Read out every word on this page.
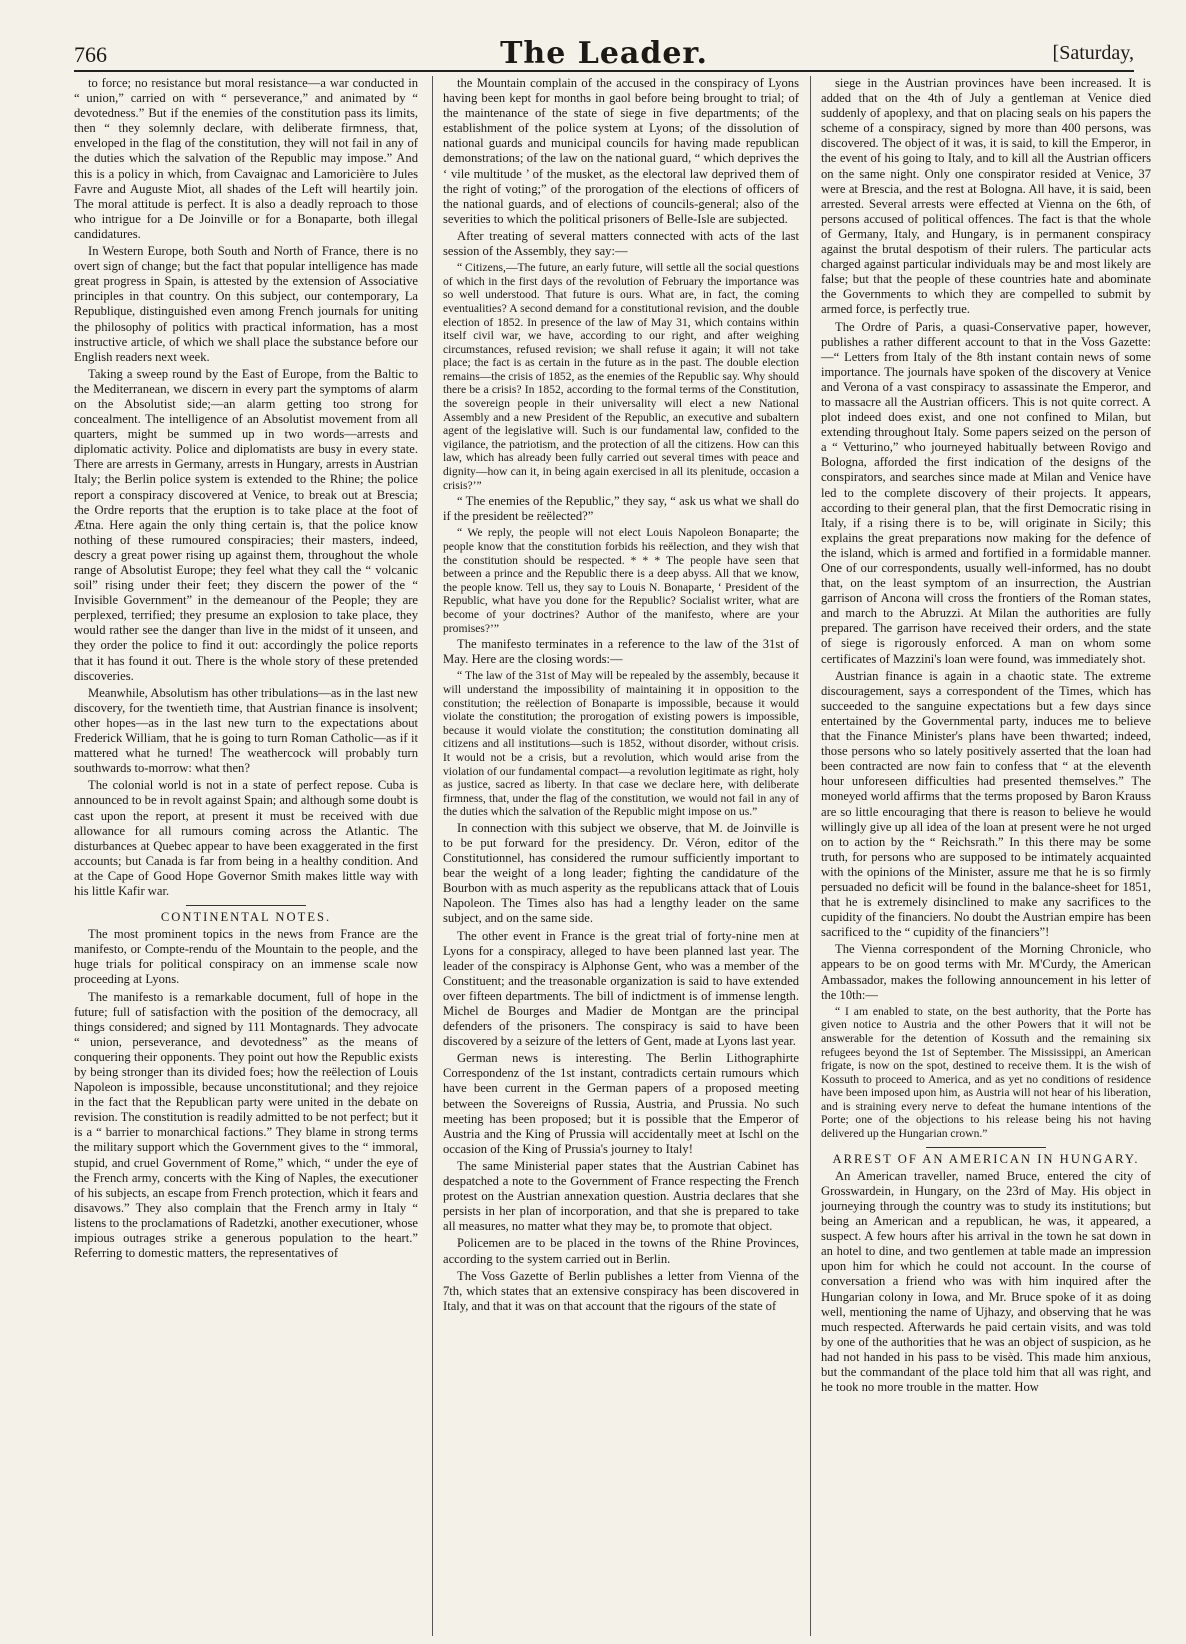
766	The Leader.	[Saturday,

to force; no resistance but moral resistance—a war conducted in “ union,” carried on with “ perseverance,” and animated by “ devotedness.” But if the enemies of the constitution pass its limits, then “ they solemnly declare, with deliberate firmness, that, enveloped in the flag of the constitution, they will not fail in any of the duties which the salvation of the Republic may impose.” And this is a policy in which, from Cavaignac and Lamoricière to Jules Favre and Auguste Miot, all shades of the Left will heartily join. The moral attitude is perfect. It is also a deadly reproach to those who intrigue for a De Joinville or for a Bonaparte, both illegal candidatures.

In Western Europe, both South and North of France, there is no overt sign of change; but the fact that popular intelligence has made great progress in Spain, is attested by the extension of Associative principles in that country. On this subject, our contemporary, La Republique, distinguished even among French journals for uniting the philosophy of politics with practical information, has a most instructive article, of which we shall place the substance before our English readers next week.

Taking a sweep round by the East of Europe, from the Baltic to the Mediterranean, we discern in every part the symptoms of alarm on the Absolutist side;—an alarm getting too strong for concealment. The intelligence of an Absolutist movement from all quarters, might be summed up in two words—arrests and diplomatic activity. Police and diplomatists are busy in every state. There are arrests in Germany, arrests in Hungary, arrests in Austrian Italy; the Berlin police system is extended to the Rhine; the police report a conspiracy discovered at Venice, to break out at Brescia; the Ordre reports that the eruption is to take place at the foot of Ætna. Here again the only thing certain is, that the police know nothing of these rumoured conspiracies; their masters, indeed, descry a great power rising up against them, throughout the whole range of Absolutist Europe; they feel what they call the “ volcanic soil” rising under their feet; they discern the power of the “ Invisible Government” in the demeanour of the People; they are perplexed, terrified; they presume an explosion to take place, they would rather see the danger than live in the midst of it unseen, and they order the police to find it out: accordingly the police reports that it has found it out. There is the whole story of these pretended discoveries.

Meanwhile, Absolutism has other tribulations—as in the last new discovery, for the twentieth time, that Austrian finance is insolvent; other hopes—as in the last new turn to the expectations about Frederick William, that he is going to turn Roman Catholic—as if it mattered what he turned! The weathercock will probably turn southwards to-morrow: what then?

The colonial world is not in a state of perfect repose. Cuba is announced to be in revolt against Spain; and although some doubt is cast upon the report, at present it must be received with due allowance for all rumours coming across the Atlantic. The disturbances at Quebec appear to have been exaggerated in the first accounts; but Canada is far from being in a healthy condition. And at the Cape of Good Hope Governor Smith makes little way with his little Kafir war.

CONTINENTAL NOTES.

The most prominent topics in the news from France are the manifesto, or Compte-rendu of the Mountain to the people, and the huge trials for political conspiracy on an immense scale now proceeding at Lyons.

The manifesto is a remarkable document, full of hope in the future; full of satisfaction with the position of the democracy, all things considered; and signed by 111 Montagnards. They advocate “ union, perseverance, and devotedness” as the means of conquering their opponents. They point out how the Republic exists by being stronger than its divided foes; how the reëlection of Louis Napoleon is impossible, because unconstitutional; and they rejoice in the fact that the Republican party were united in the debate on revision. The constitution is readily admitted to be not perfect; but it is a “ barrier to monarchical factions.” They blame in strong terms the military support which the Government gives to the “ immoral, stupid, and cruel Government of Rome,” which, “ under the eye of the French army, concerts with the King of Naples, the executioner of his subjects, an escape from French protection, which it fears and disavows.” They also complain that the French army in Italy “ listens to the proclamations of Radetzki, another executioner, whose impious outrages strike a generous population to the heart.” Referring to domestic matters, the representatives of

the Mountain complain of the accused in the conspiracy of Lyons having been kept for months in gaol before being brought to trial; of the maintenance of the state of siege in five departments; of the establishment of the police system at Lyons; of the dissolution of national guards and municipal councils for having made republican demonstrations; of the law on the national guard, “ which deprives the ‘ vile multitude ’ of the musket, as the electoral law deprived them of the right of voting;” of the prorogation of the elections of officers of the national guards, and of elections of councils-general; also of the severities to which the political prisoners of Belle-Isle are subjected.

After treating of several matters connected with acts of the last session of the Assembly, they say:—

“ Citizens,—The future, an early future, will settle all the social questions of which in the first days of the revolution of February the importance was so well understood. That future is ours. What are, in fact, the coming eventualities? A second demand for a constitutional revision, and the double election of 1852. In presence of the law of May 31, which contains within itself civil war, we have, according to our right, and after weighing circumstances, refused revision; we shall refuse it again; it will not take place; the fact is as certain in the future as in the past. The double election remains—the crisis of 1852, as the enemies of the Republic say. Why should there be a crisis? In 1852, according to the formal terms of the Constitution, the sovereign people in their universality will elect a new National Assembly and a new President of the Republic, an executive and subaltern agent of the legislative will. Such is our fundamental law, confided to the vigilance, the patriotism, and the protection of all the citizens. How can this law, which has already been fully carried out several times with peace and dignity—how can it, in being again exercised in all its plenitude, occasion a crisis?’”

“ The enemies of the Republic,” they say, “ ask us what we shall do if the president be reëlected?”

“ We reply, the people will not elect Louis Napoleon Bonaparte; the people know that the constitution forbids his reëlection, and they wish that the constitution should be respected. * * * The people have seen that between a prince and the Republic there is a deep abyss. All that we know, the people know. Tell us, they say to Louis N. Bonaparte, ‘ President of the Republic, what have you done for the Republic? Socialist writer, what are become of your doctrines? Author of the manifesto, where are your promises?’”

The manifesto terminates in a reference to the law of the 31st of May. Here are the closing words:—

“ The law of the 31st of May will be repealed by the assembly, because it will understand the impossibility of maintaining it in opposition to the constitution; the reëlection of Bonaparte is impossible, because it would violate the constitution; the prorogation of existing powers is impossible, because it would violate the constitution; the constitution dominating all citizens and all institutions—such is 1852, without disorder, without crisis. It would not be a crisis, but a revolution, which would arise from the violation of our fundamental compact—a revolution legitimate as right, holy as justice, sacred as liberty. In that case we declare here, with deliberate firmness, that, under the flag of the constitution, we would not fail in any of the duties which the salvation of the Republic might impose on us.”

In connection with this subject we observe, that M. de Joinville is to be put forward for the presidency. Dr. Véron, editor of the Constitutionnel, has considered the rumour sufficiently important to bear the weight of a long leader; fighting the candidature of the Bourbon with as much asperity as the republicans attack that of Louis Napoleon. The Times also has had a lengthy leader on the same subject, and on the same side.

The other event in France is the great trial of forty-nine men at Lyons for a conspiracy, alleged to have been planned last year. The leader of the conspiracy is Alphonse Gent, who was a member of the Constituent; and the treasonable organization is said to have extended over fifteen departments. The bill of indictment is of immense length. Michel de Bourges and Madier de Montgan are the principal defenders of the prisoners. The conspiracy is said to have been discovered by a seizure of the letters of Gent, made at Lyons last year.

German news is interesting. The Berlin Lithographirte Correspondenz of the 1st instant, contradicts certain rumours which have been current in the German papers of a proposed meeting between the Sovereigns of Russia, Austria, and Prussia. No such meeting has been proposed; but it is possible that the Emperor of Austria and the King of Prussia will accidentally meet at Ischl on the occasion of the King of Prussia's journey to Italy!

The same Ministerial paper states that the Austrian Cabinet has despatched a note to the Government of France respecting the French protest on the Austrian annexation question. Austria declares that she persists in her plan of incorporation, and that she is prepared to take all measures, no matter what they may be, to promote that object.

Policemen are to be placed in the towns of the Rhine Provinces, according to the system carried out in Berlin.

The Voss Gazette of Berlin publishes a letter from Vienna of the 7th, which states that an extensive conspiracy has been discovered in Italy, and that it was on that account that the rigours of the state of

siege in the Austrian provinces have been increased. It is added that on the 4th of July a gentleman at Venice died suddenly of apoplexy, and that on placing seals on his papers the scheme of a conspiracy, signed by more than 400 persons, was discovered. The object of it was, it is said, to kill the Emperor, in the event of his going to Italy, and to kill all the Austrian officers on the same night. Only one conspirator resided at Venice, 37 were at Brescia, and the rest at Bologna. All have, it is said, been arrested. Several arrests were effected at Vienna on the 6th, of persons accused of political offences. The fact is that the whole of Germany, Italy, and Hungary, is in permanent conspiracy against the brutal despotism of their rulers. The particular acts charged against particular individuals may be and most likely are false; but that the people of these countries hate and abominate the Governments to which they are compelled to submit by armed force, is perfectly true.

The Ordre of Paris, a quasi-Conservative paper, however, publishes a rather different account to that in the Voss Gazette:—“ Letters from Italy of the 8th instant contain news of some importance. The journals have spoken of the discovery at Venice and Verona of a vast conspiracy to assassinate the Emperor, and to massacre all the Austrian officers. This is not quite correct. A plot indeed does exist, and one not confined to Milan, but extending throughout Italy. Some papers seized on the person of a “ Vetturino,” who journeyed habitually between Rovigo and Bologna, afforded the first indication of the designs of the conspirators, and searches since made at Milan and Venice have led to the complete discovery of their projects. It appears, according to their general plan, that the first Democratic rising in Italy, if a rising there is to be, will originate in Sicily; this explains the great preparations now making for the defence of the island, which is armed and fortified in a formidable manner. One of our correspondents, usually well-informed, has no doubt that, on the least symptom of an insurrection, the Austrian garrison of Ancona will cross the frontiers of the Roman states, and march to the Abruzzi. At Milan the authorities are fully prepared. The garrison have received their orders, and the state of siege is rigorously enforced. A man on whom some certificates of Mazzini's loan were found, was immediately shot.

Austrian finance is again in a chaotic state. The extreme discouragement, says a correspondent of the Times, which has succeeded to the sanguine expectations but a few days since entertained by the Governmental party, induces me to believe that the Finance Minister's plans have been thwarted; indeed, those persons who so lately positively asserted that the loan had been contracted are now fain to confess that “ at the eleventh hour unforeseen difficulties had presented themselves.” The moneyed world affirms that the terms proposed by Baron Krauss are so little encouraging that there is reason to believe he would willingly give up all idea of the loan at present were he not urged on to action by the “ Reichsrath.” In this there may be some truth, for persons who are supposed to be intimately acquainted with the opinions of the Minister, assure me that he is so firmly persuaded no deficit will be found in the balance-sheet for 1851, that he is extremely disinclined to make any sacrifices to the cupidity of the financiers. No doubt the Austrian empire has been sacrificed to the “ cupidity of the financiers”!

The Vienna correspondent of the Morning Chronicle, who appears to be on good terms with Mr. M'Curdy, the American Ambassador, makes the following announcement in his letter of the 10th:—

“ I am enabled to state, on the best authority, that the Porte has given notice to Austria and the other Powers that it will not be answerable for the detention of Kossuth and the remaining six refugees beyond the 1st of September. The Mississippi, an American frigate, is now on the spot, destined to receive them. It is the wish of Kossuth to proceed to America, and as yet no conditions of residence have been imposed upon him, as Austria will not hear of his liberation, and is straining every nerve to defeat the humane intentions of the Porte; one of the objections to his release being his not having delivered up the Hungarian crown.”

ARREST OF AN AMERICAN IN HUNGARY.

An American traveller, named Bruce, entered the city of Grosswardein, in Hungary, on the 23rd of May. His object in journeying through the country was to study its institutions; but being an American and a republican, he was, it appeared, a suspect. A few hours after his arrival in the town he sat down in an hotel to dine, and two gentlemen at table made an impression upon him for which he could not account. In the course of conversation a friend who was with him inquired after the Hungarian colony in Iowa, and Mr. Bruce spoke of it as doing well, mentioning the name of Ujhazy, and observing that he was much respected. Afterwards he paid certain visits, and was told by one of the authorities that he was an object of suspicion, as he had not handed in his pass to be visèd. This made him anxious, but the commandant of the place told him that all was right, and he took no more trouble in the matter. How
